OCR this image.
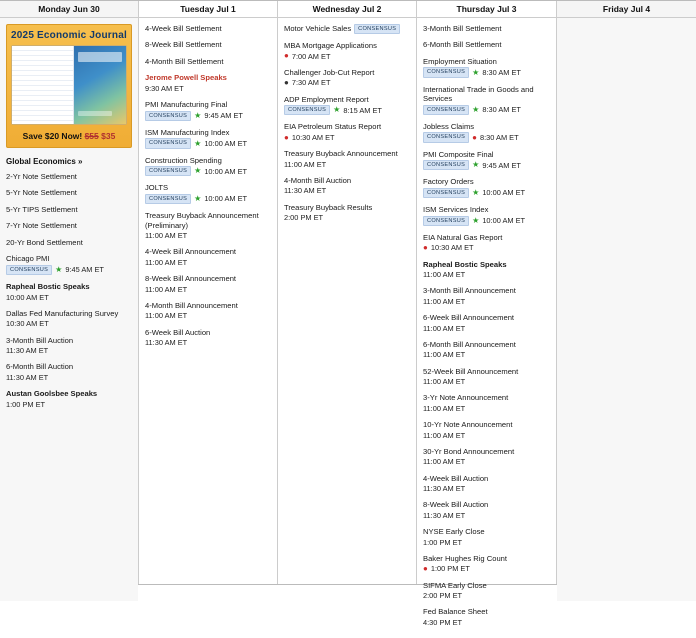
Monday Jun 30
2025 Economic Journal
Save $20 Now! $55 $35
Global Economics »
2-Yr Note Settlement
5-Yr Note Settlement
5-Yr TIPS Settlement
7-Yr Note Settlement
20-Yr Bond Settlement
Chicago PMI
CONSENSUS ★ 9:45 AM ET
Rapheal Bostic Speaks
10:00 AM ET
Dallas Fed Manufacturing Survey
10:30 AM ET
3-Month Bill Auction
11:30 AM ET
6-Month Bill Auction
11:30 AM ET
Austan Goolsbee Speaks
1:00 PM ET
Tuesday Jul 1
4-Week Bill Settlement
8-Week Bill Settlement
4-Month Bill Settlement
Jerome Powell Speaks
9:30 AM ET
PMI Manufacturing Final
CONSENSUS ★ 9:45 AM ET
ISM Manufacturing Index
CONSENSUS ★ 10:00 AM ET
Construction Spending
CONSENSUS ★ 10:00 AM ET
JOLTS
CONSENSUS ★ 10:00 AM ET
Treasury Buyback Announcement (Preliminary)
11:00 AM ET
4-Week Bill Announcement
11:00 AM ET
8-Week Bill Announcement
11:00 AM ET
4-Month Bill Announcement
11:00 AM ET
6-Week Bill Auction
11:30 AM ET
Wednesday Jul 2
Motor Vehicle Sales	CONSENSUS
MBA Mortgage Applications
● 7:00 AM ET
Challenger Job-Cut Report
● 7:30 AM ET
ADP Employment Report
CONSENSUS ★ 8:15 AM ET
EIA Petroleum Status Report
● 10:30 AM ET
Treasury Buyback Announcement
11:00 AM ET
4-Month Bill Auction
11:30 AM ET
Treasury Buyback Results
2:00 PM ET
Thursday Jul 3
3-Month Bill Settlement
6-Month Bill Settlement
Employment Situation
CONSENSUS ★ 8:30 AM ET
International Trade in Goods and Services
CONSENSUS ★ 8:30 AM ET
Jobless Claims
CONSENSUS ● 8:30 AM ET
PMI Composite Final
CONSENSUS ★ 9:45 AM ET
Factory Orders
CONSENSUS ★ 10:00 AM ET
ISM Services Index
CONSENSUS ★ 10:00 AM ET
EIA Natural Gas Report
● 10:30 AM ET
Rapheal Bostic Speaks
11:00 AM ET
3-Month Bill Announcement
11:00 AM ET
6-Week Bill Announcement
11:00 AM ET
6-Month Bill Announcement
11:00 AM ET
52-Week Bill Announcement
11:00 AM ET
3-Yr Note Announcement
11:00 AM ET
10-Yr Note Announcement
11:00 AM ET
30-Yr Bond Announcement
11:00 AM ET
4-Week Bill Auction
11:30 AM ET
8-Week Bill Auction
11:30 AM ET
NYSE Early Close
1:00 PM ET
Baker Hughes Rig Count
● 1:00 PM ET
SIFMA Early Close
2:00 PM ET
Fed Balance Sheet
4:30 PM ET
Friday Jul 4
